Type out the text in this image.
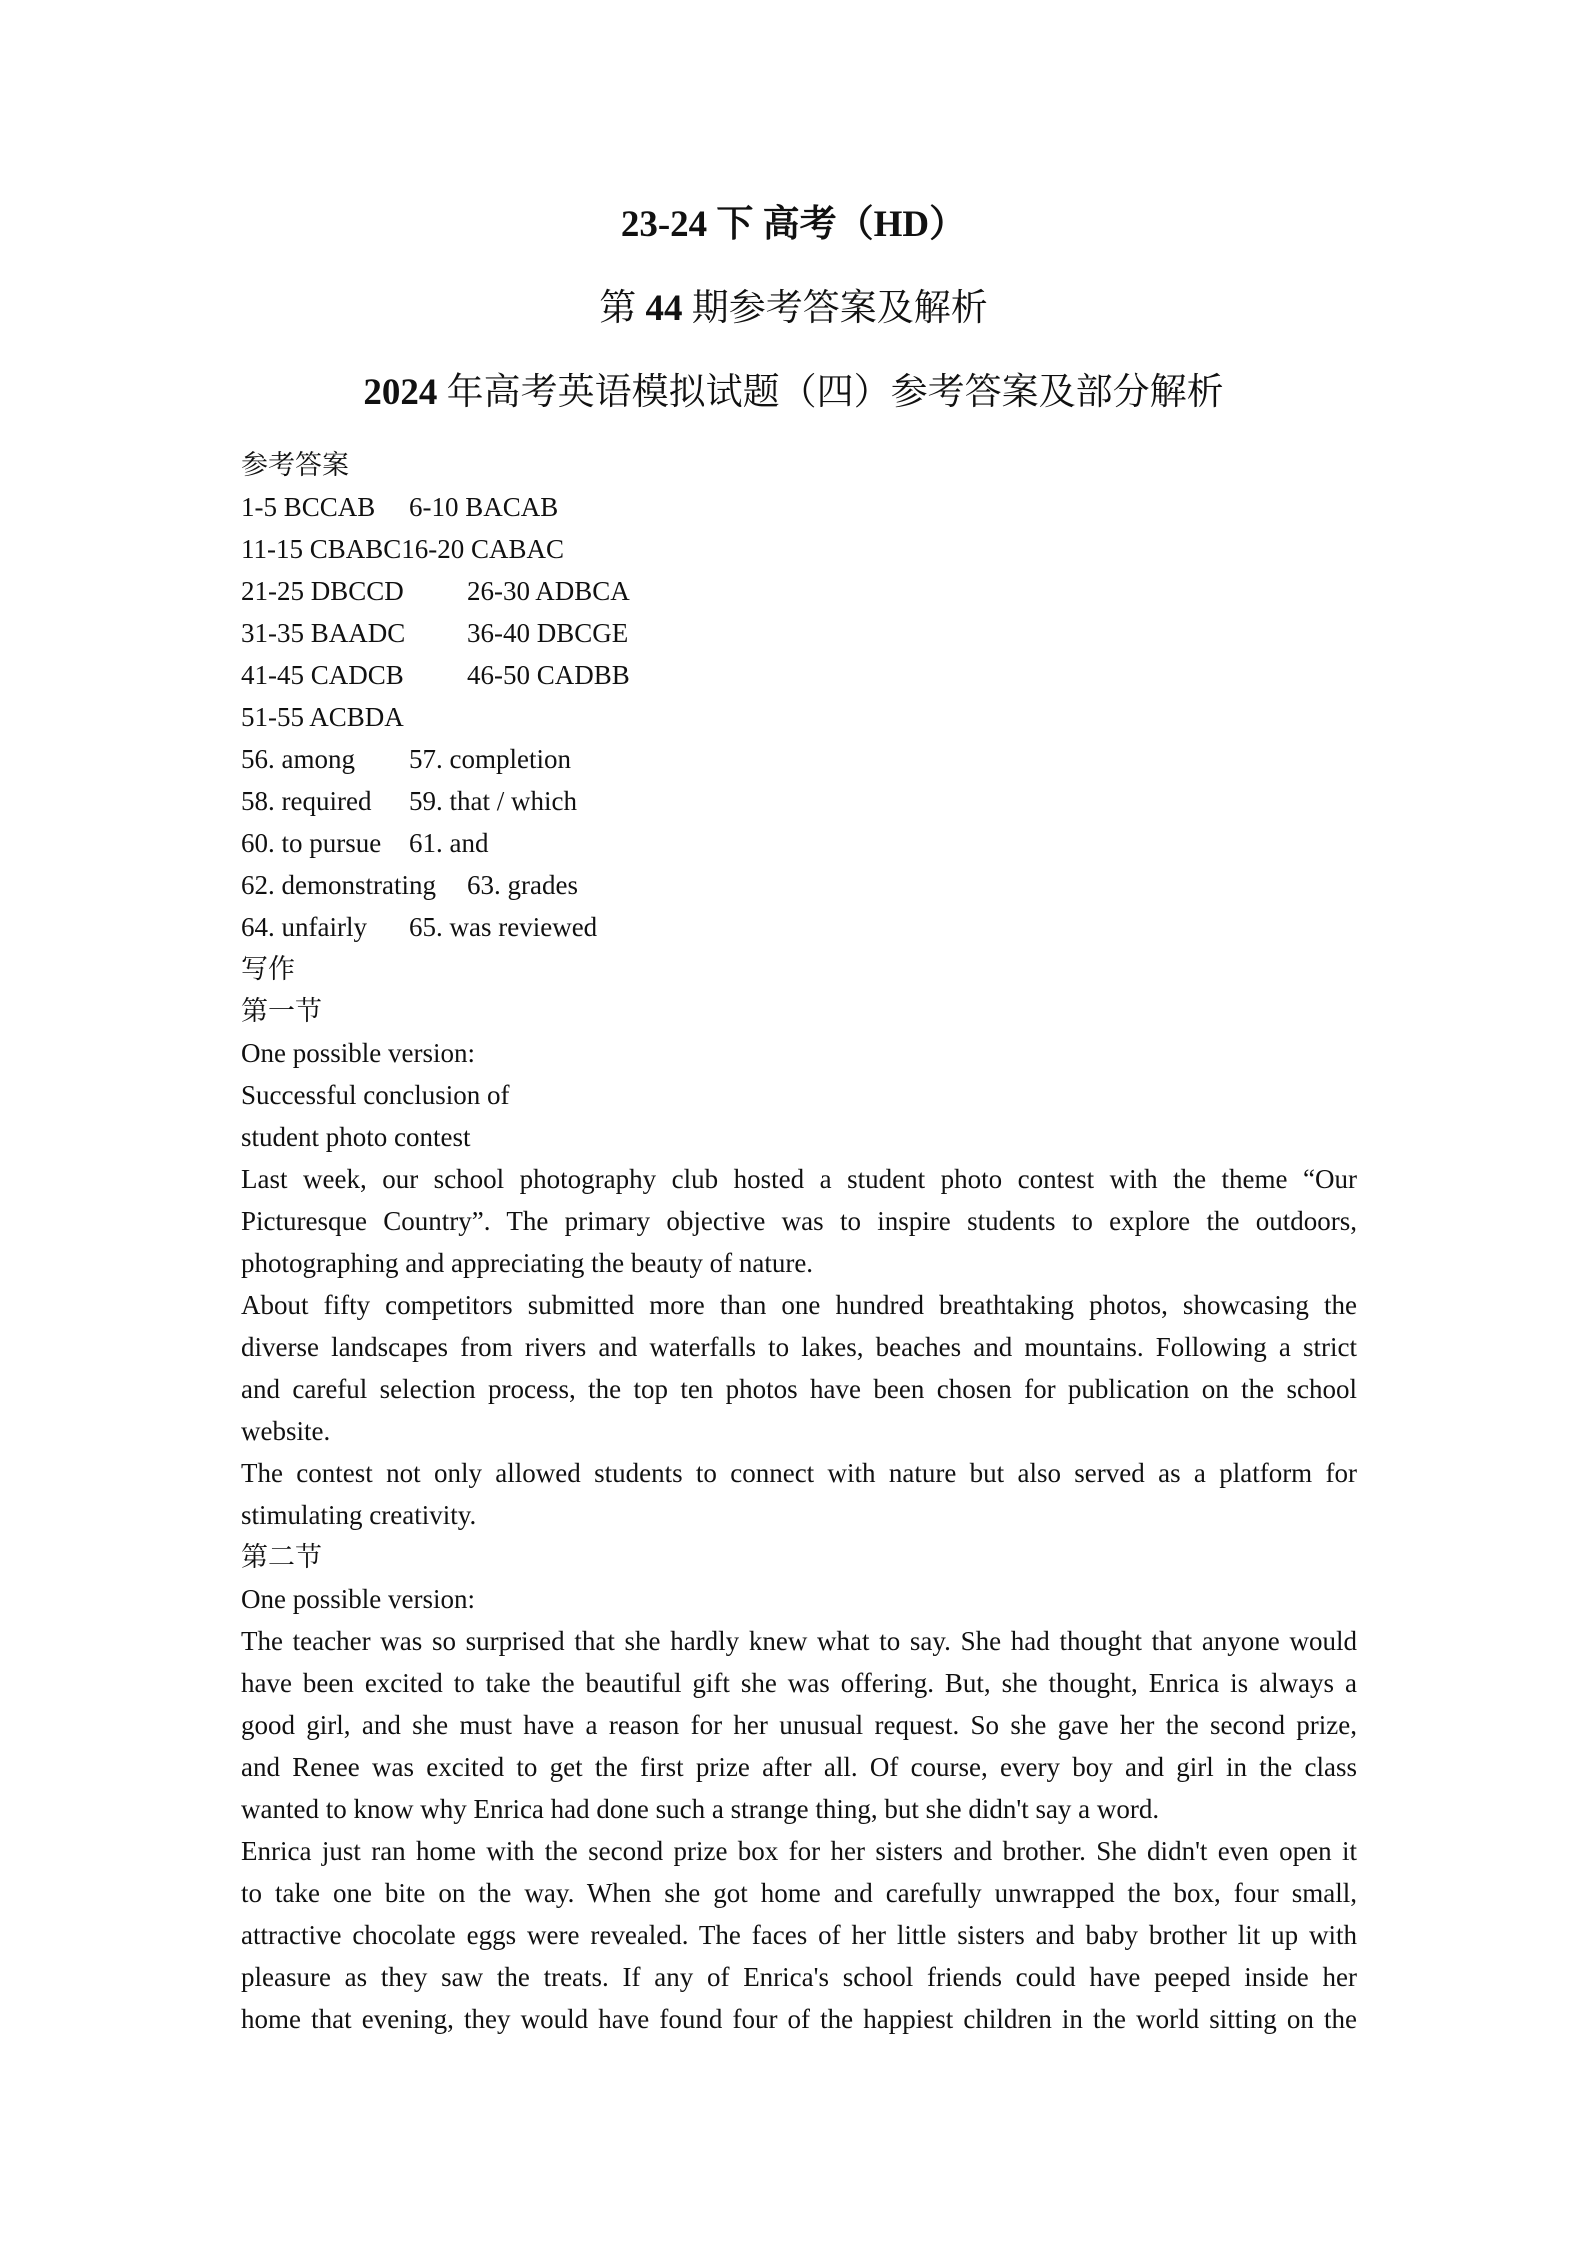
23-24 下 高考（HD）
第 44 期参考答案及解析
2024 年高考英语模拟试题（四）参考答案及部分解析
参考答案
1-5 BCCAB 6-10 BACAB
11-15 CBABC16-20 CABAC
21-25 DBCCD 26-30 ADBCA
31-35 BAADC 36-40 DBCGE
41-45 CADCB 46-50 CADBB
51-55 ACBDA
56. among 57. completion
58. required 59. that / which
60. to pursue 61. and
62. demonstrating 63. grades
64. unfairly 65. was reviewed
写作
第一节
One possible version:
Successful conclusion of
student photo contest
Last week, our school photography club hosted a student photo contest with the theme “Our
Picturesque Country”. The primary objective was to inspire students to explore the outdoors,
photographing and appreciating the beauty of nature.
About fifty competitors submitted more than one hundred breathtaking photos, showcasing the
diverse landscapes from rivers and waterfalls to lakes, beaches and mountains. Following a strict
and careful selection process, the top ten photos have been chosen for publication on the school
website.
The contest not only allowed students to connect with nature but also served as a platform for
stimulating creativity.
第二节
One possible version:
The teacher was so surprised that she hardly knew what to say. She had thought that anyone would
have been excited to take the beautiful gift she was offering. But, she thought, Enrica is always a
good girl, and she must have a reason for her unusual request. So she gave her the second prize,
and Renee was excited to get the first prize after all. Of course, every boy and girl in the class
wanted to know why Enrica had done such a strange thing, but she didn't say a word.
Enrica just ran home with the second prize box for her sisters and brother. She didn't even open it
to take one bite on the way. When she got home and carefully unwrapped the box, four small,
attractive chocolate eggs were revealed. The faces of her little sisters and baby brother lit up with
pleasure as they saw the treats. If any of Enrica's school friends could have peeped inside her
home that evening, they would have found four of the happiest children in the world sitting on the
